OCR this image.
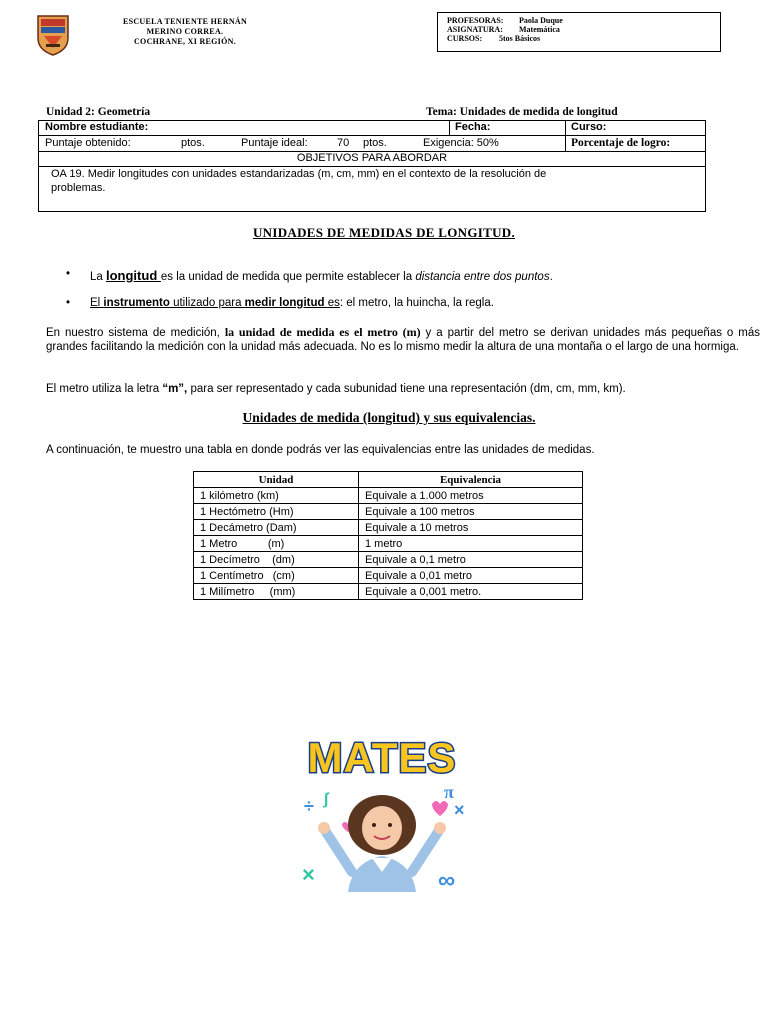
ESCUELA TENIENTE HERNÁN
MERINO CORREA.
COCHRANE, XI REGIÓN.
PROFESORAS:	Paola Duque
ASIGNATURA:	Matemática
CURSOS:	5tos Básicos
Unidad 2: Geometría	Tema: Unidades de medida de longitud
Nombre estudiante:	Fecha:	Curso:
Puntaje obtenido:	ptos.	Puntaje ideal:	70 ptos.	Exigencia: 50%	Porcentaje de logro:
OBJETIVOS PARA ABORDAR
OA 19. Medir longitudes con unidades estandarizadas (m, cm, mm) en el contexto de la resolución de
problemas.
UNIDADES DE MEDIDAS DE LONGITUD.
• La longitud es la unidad de medida que permite establecer la distancia entre dos puntos.
• El instrumento utilizado para medir longitud es: el metro, la huincha, la regla.
En nuestro sistema de medición, la unidad de medida es el metro (m) y a partir del metro se derivan unidades más pequeñas o más grandes facilitando la medición con la unidad más adecuada. No es lo mismo medir la altura de una montaña o el largo de una hormiga.
El metro utiliza la letra “m”, para ser representado y cada subunidad tiene una representación (dm, cm, mm, km).
Unidades de medida (longitud) y sus equivalencias.
A continuación, te muestro una tabla en donde podrás ver las equivalencias entre las unidades de medidas.
Unidad	Equivalencia
1 kilómetro (km)	Equivale a 1.000 metros
1 Hectómetro (Hm)	Equivale a 100 metros
1 Decámetro (Dam)	Equivale a 10 metros
1 Metro          (m)	1 metro
1 Decímetro    (dm)	Equivale a 0,1 metro
1 Centímetro   (cm)	Equivale a 0,01 metro
1 Milímetro     (mm)	Equivale a 0,001 metro.
MATES
÷ ∫	π
×
×	∞
